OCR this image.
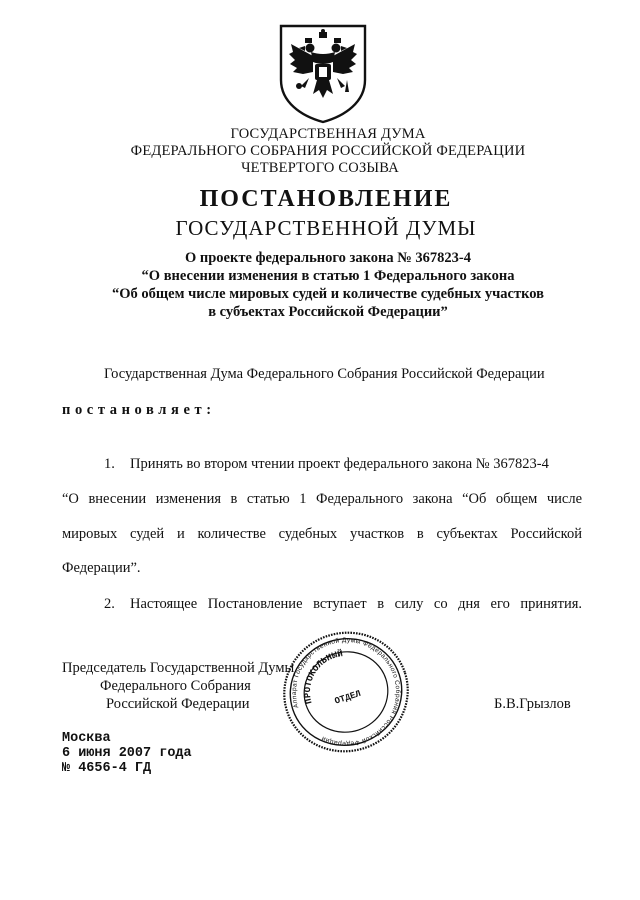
ГОСУДАРСТВЕННАЯ ДУМА
ФЕДЕРАЛЬНОГО СОБРАНИЯ РОССИЙСКОЙ ФЕДЕРАЦИИ
ЧЕТВЕРТОГО СОЗЫВА
ПОСТАНОВЛЕНИЕ
ГОСУДАРСТВЕННОЙ ДУМЫ
О проекте федерального закона № 367823-4
“О внесении изменения в статью 1 Федерального закона
“Об общем числе мировых судей и количестве судебных участков
в субъектах Российской Федерации”
Государственная Дума Федерального Собрания Российской Федерации
постановляет:
1.	Принять во втором чтении проект федерального закона № 367823-4
“О внесении изменения в статью 1 Федерального закона “Об общем числе
мировых судей и количестве судебных участков в субъектах Российской
Федерации”.
2.	Настоящее Постановление вступает в силу со дня его принятия.
Председатель Государственной Думы
Федерального Собрания
Российской Федерации	Б.В.Грызлов
Аппарат Государственной Думы Федерального Собрания Российской Федерации
ПРОТОКОЛЬНЫЙ
ОТДЕЛ
Москва
6 июня 2007 года
№ 4656-4 ГД
